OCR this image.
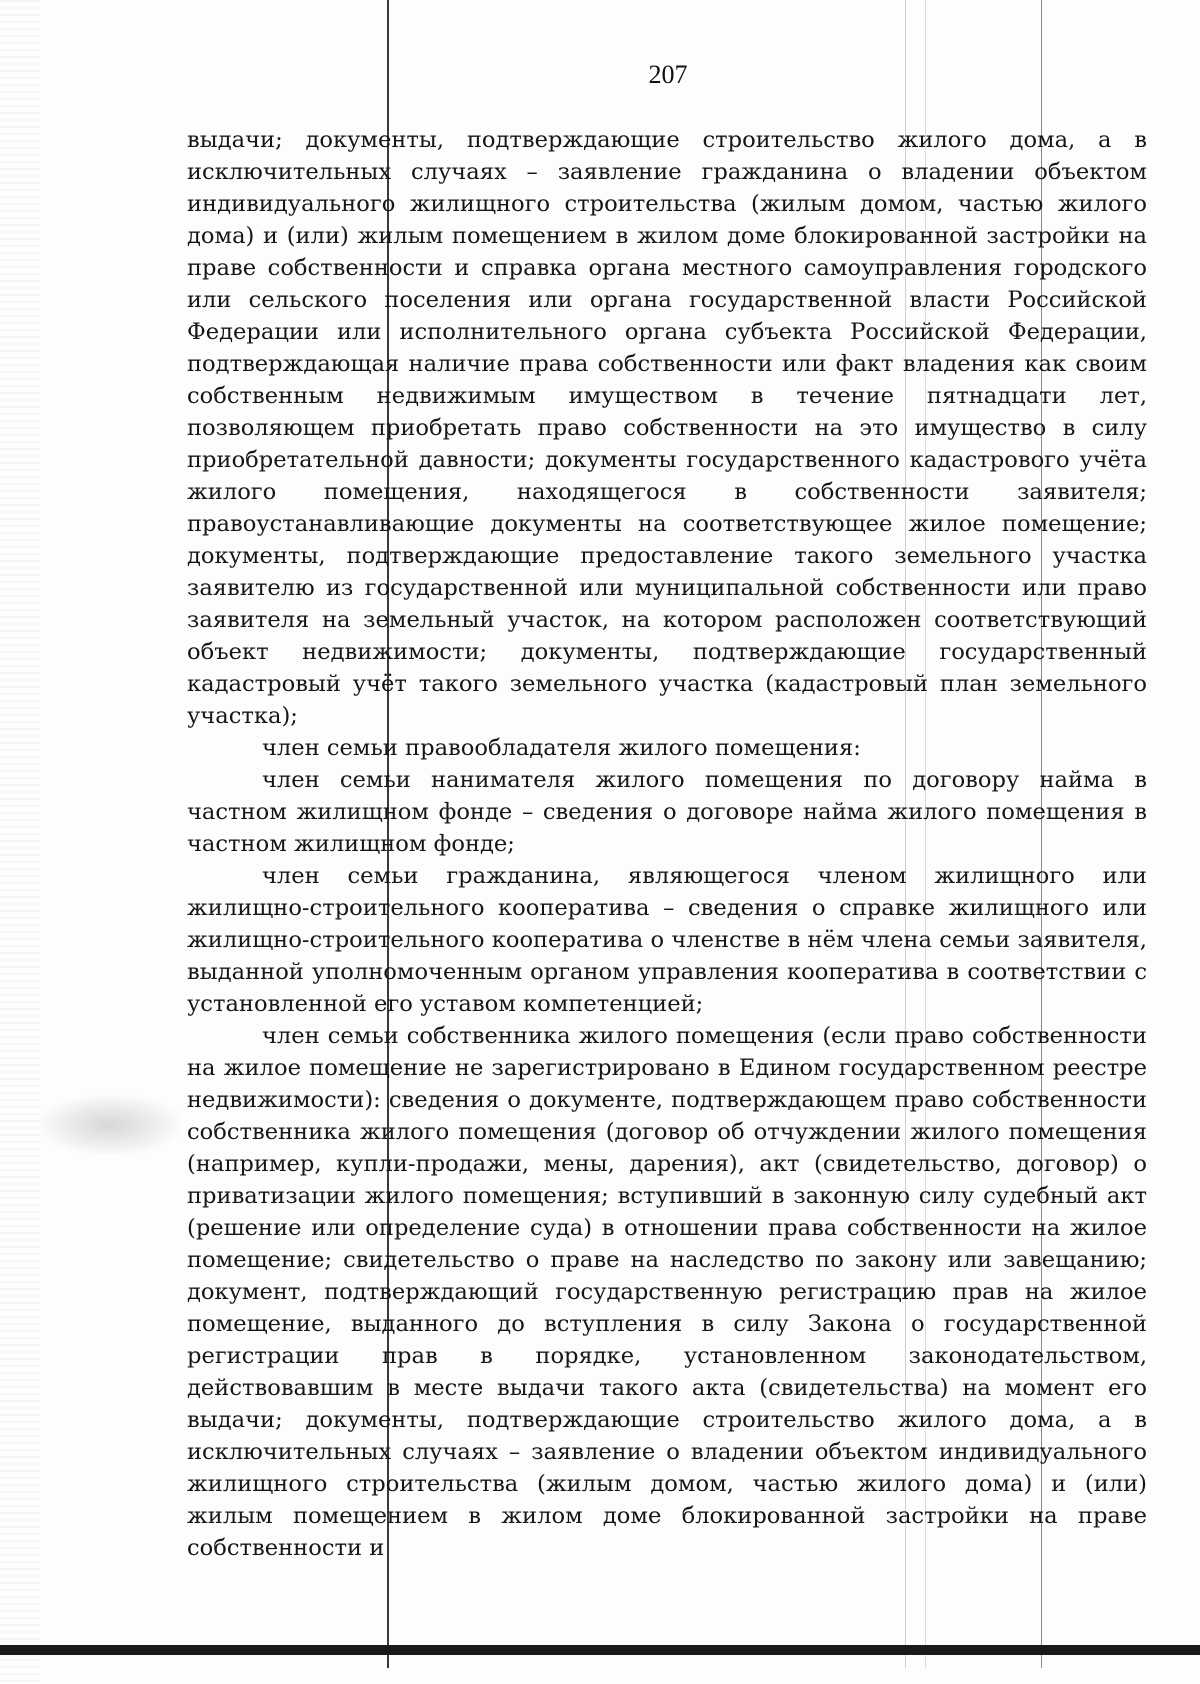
207

выдачи; документы, подтверждающие строительство жилого дома, а в исключительных случаях – заявление гражданина о владении объектом индивидуального жилищного строительства (жилым домом, частью жилого дома) и (или) жилым помещением в жилом доме блокированной застройки на праве собственности и справка органа местного самоуправления городского или сельского поселения или органа государственной власти Российской Федерации или исполнительного органа субъекта Российской Федерации, подтверждающая наличие права собственности или факт владения как своим собственным недвижимым имуществом в течение пятнадцати лет, позволяющем приобретать право собственности на это имущество в силу приобретательной давности; документы государственного кадастрового учёта жилого помещения, находящегося в собственности заявителя; правоустанавливающие документы на соответствующее жилое помещение; документы, подтверждающие предоставление такого земельного участка заявителю из государственной или муниципальной собственности или право заявителя на земельный участок, на котором расположен соответствующий объект недвижимости; документы, подтверждающие государственный кадастровый учёт такого земельного участка (кадастровый план земельного участка);

член семьи правообладателя жилого помещения:

член семьи нанимателя жилого помещения по договору найма в частном жилищном фонде – сведения о договоре найма жилого помещения в частном жилищном фонде;

член семьи гражданина, являющегося членом жилищного или жилищно-строительного кооператива – сведения о справке жилищного или жилищно-строительного кооператива о членстве в нём члена семьи заявителя, выданной уполномоченным органом управления кооператива в соответствии с установленной его уставом компетенцией;

член семьи собственника жилого помещения (если право собственности на жилое помещение не зарегистрировано в Едином государственном реестре недвижимости): сведения о документе, подтверждающем право собственности собственника жилого помещения (договор об отчуждении жилого помещения (например, купли-продажи, мены, дарения), акт (свидетельство, договор) о приватизации жилого помещения; вступивший в законную силу судебный акт (решение или определение суда) в отношении права собственности на жилое помещение; свидетельство о праве на наследство по закону или завещанию; документ, подтверждающий государственную регистрацию прав на жилое помещение, выданного до вступления в силу Закона о государственной регистрации прав в порядке, установленном законодательством, действовавшим в месте выдачи такого акта (свидетельства) на момент его выдачи; документы, подтверждающие строительство жилого дома, а в исключительных случаях – заявление о владении объектом индивидуального жилищного строительства (жилым домом, частью жилого дома) и (или) жилым помещением в жилом доме блокированной застройки на праве собственности и
